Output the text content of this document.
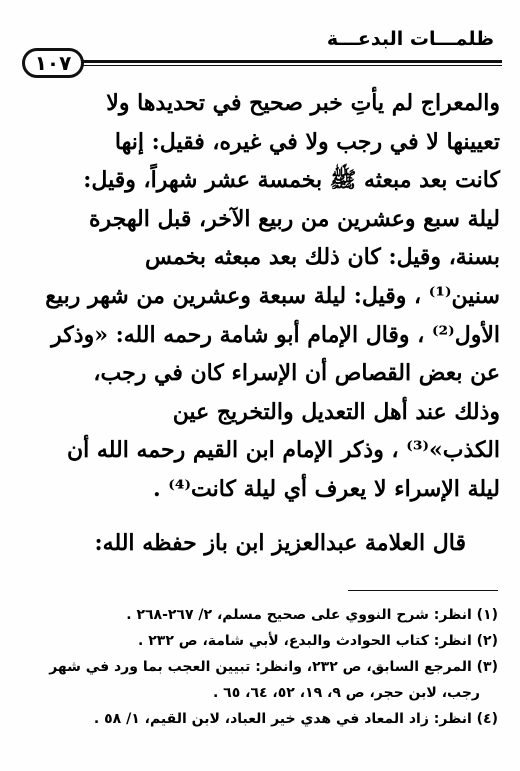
ظلمـــات البدعـــة
١٠٧
والمعراج لم يأتِ خبر صحيح في تحديدها ولا
تعيينها لا في رجب ولا في غيره، فقيل: إنها
كانت بعد مبعثه ﷺ بخمسة عشر شهراً، وقيل:
ليلة سبع وعشرين من ربيع الآخر، قبل الهجرة
بسنة، وقيل: كان ذلك بعد مبعثه بخمس
سنين⁽¹⁾ ، وقيل: ليلة سبعة وعشرين من شهر ربيع
الأول⁽²⁾ ، وقال الإمام أبو شامة رحمه الله: «وذكر
عن بعض القصاص أن الإسراء كان في رجب،
وذلك عند أهل التعديل والتخريج عين
الكذب»⁽³⁾ ، وذكر الإمام ابن القيم رحمه الله أن
ليلة الإسراء لا يعرف أي ليلة كانت⁽⁴⁾ .
قال العلامة عبدالعزيز ابن باز حفظه الله:
(١) انظر: شرح النووي على صحيح مسلم، ٢/ ٢٦٧-٢٦٨ .
(٢) انظر: كتاب الحوادث والبدع، لأبي شامة، ص ٢٣٢ .
(٣) المرجع السابق، ص ٢٣٢، وانظر: تبيين العجب بما ورد في شهر
رجب، لابن حجر، ص ٩، ١٩، ٥٢، ٦٤، ٦٥ .
(٤) انظر: زاد المعاد في هدي خير العباد، لابن القيم، ١/ ٥٨ .
